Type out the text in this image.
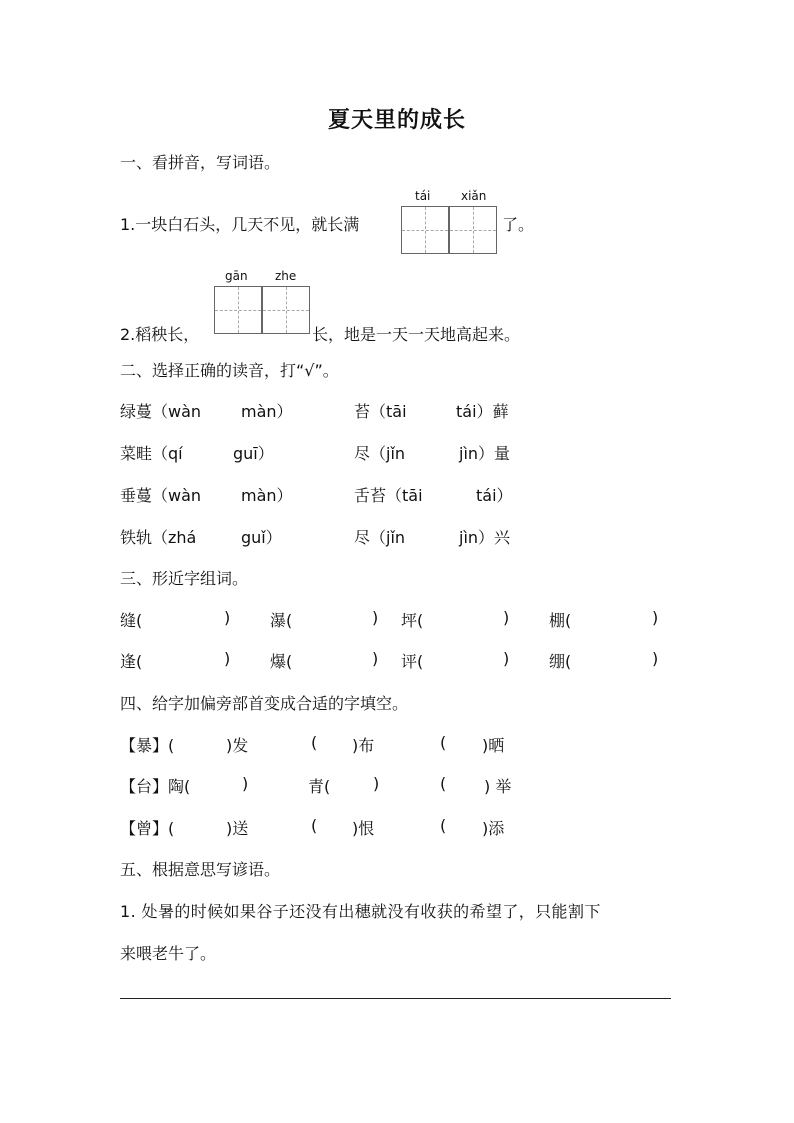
夏天里的成长
一、看拼音，写词语。
tái	xiǎn
1.一块白石头，几天不见，就长满	了。
gān zhe
2.稻秧长，	长，地是一天一天地高起来。
二、选择正确的读音，打“√”。
绿蔓（wàn màn）	苔（tāi	tái）藓
菜畦（qí	guī）	尽（jǐn	jìn）量
垂蔓（wàn màn）	舌苔（tāi	tái）
铁轨（zhá	guǐ）	尽（jǐn	jìn）兴
三、形近字组词。
缝(	) 瀑(	) 坪(	) 棚(	)
逢(	) 爆(	) 评(	) 绷(	)
四、给字加偏旁部首变成合适的字填空。
【暴】(	)发	( )布	( )晒
【台】陶(	)	青(	)	( ) 举
【曾】(	)送	( )恨	( )添
五、根据意思写谚语。
1. 处暑的时候如果谷子还没有出穗就没有收获的希望了，只能割下
来喂老牛了。
